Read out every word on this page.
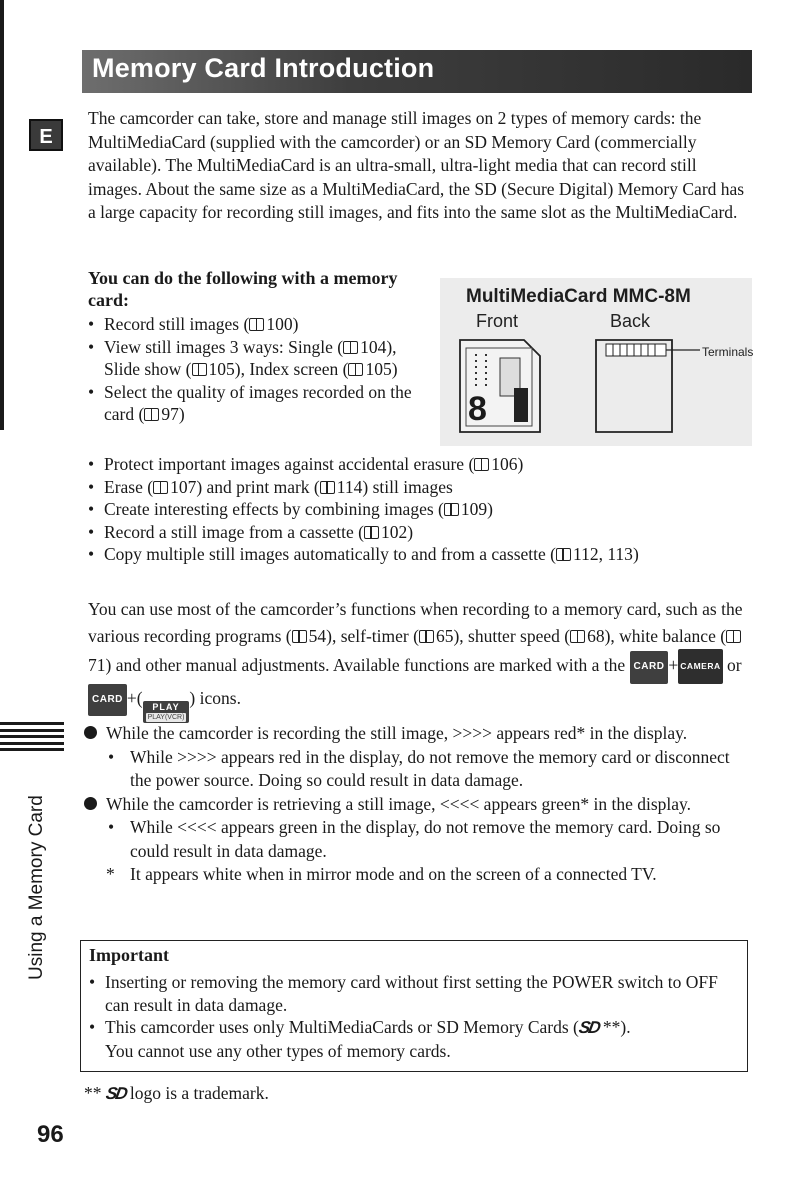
E
Memory Card Introduction
The camcorder can take, store and manage still images on 2 types of memory cards: the MultiMediaCard (supplied with the camcorder) or an SD Memory Card (commercially available). The MultiMediaCard is an ultra-small, ultra-light media that can record still images. About the same size as a MultiMediaCard, the SD (Secure Digital) Memory Card has a large capacity for recording still images, and fits into the same slot as the MultiMediaCard.
You can do the following with a memory card:
• Record still images ( 100)
• View still images 3 ways: Single ( 104), Slide show ( 105), Index screen ( 105)
• Select the quality of images recorded on the card ( 97)
MultiMediaCard MMC-8M
Front	Back
Terminals
8
• Protect important images against accidental erasure ( 106)
• Erase ( 107) and print mark ( 114) still images
• Create interesting effects by combining images ( 109)
• Record a still image from a cassette ( 102)
• Copy multiple still images automatically to and from a cassette ( 112, 113)
You can use most of the camcorder’s functions when recording to a memory card, such as the various recording programs ( 54), self-timer ( 65), shutter speed ( 68), white balance (71) and other manual adjustments. Available functions are marked with a the CARD + CAMERA or CARD +(	PLAY
PLAY(VCR)
) icons.
Using a Memory Card
While the camcorder is recording the still image, >>>> appears red* in the display.
• While >>>> appears red in the display, do not remove the memory card or disconnect the power source. Doing so could result in data damage.
While the camcorder is retrieving a still image, <<<< appears green* in the display.
• While <<<< appears green in the display, do not remove the memory card. Doing so could result in data damage.
* It appears white when in mirror mode and on the screen of a connected TV.
Important
• Inserting or removing the memory card without first setting the POWER switch to OFF can result in data damage.
• This camcorder uses only MultiMediaCards or SD Memory Cards (SD **).
You cannot use any other types of memory cards.
** SD logo is a trademark.
96
